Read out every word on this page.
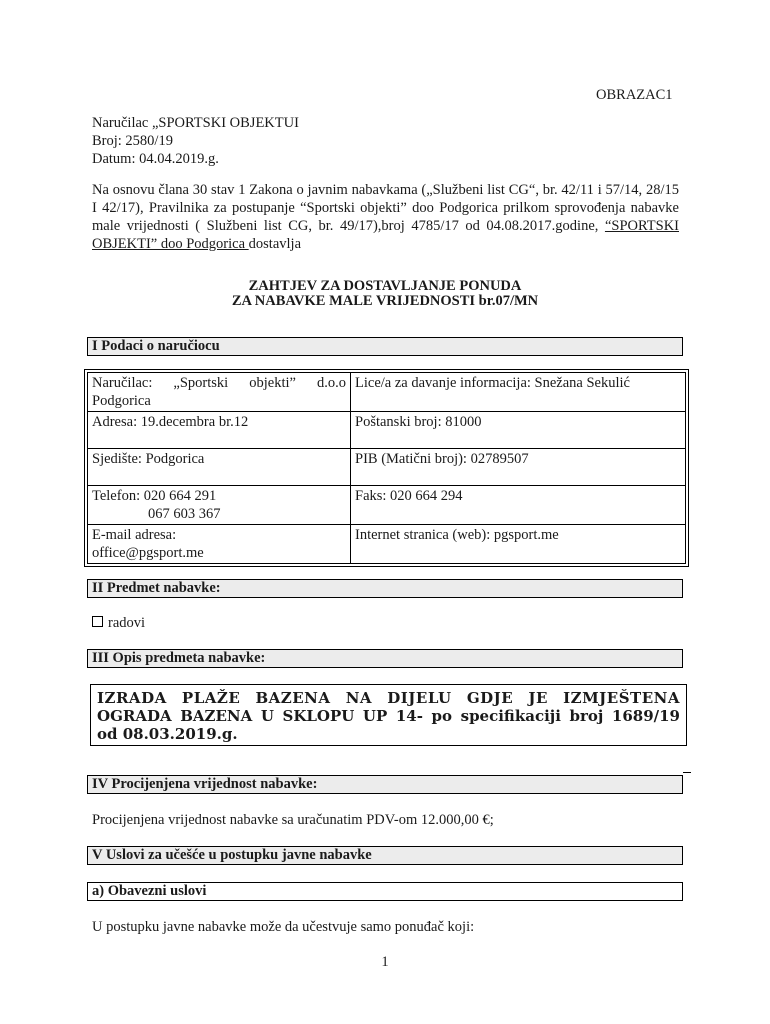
OBRAZAC1
Naručilac „SPORTSKI OBJEKTUI
Broj: 2580/19
Datum: 04.04.2019.g.
Na osnovu člana 30 stav 1 Zakona o javnim nabavkama („Službeni list CG“, br. 42/11 i 57/14, 28/15 I 42/17), Pravilnika za postupanje “Sportski objekti” doo Podgorica prilkom sprovođenja nabavke male vrijednosti ( Službeni list CG, br. 49/17),broj 4785/17 od 04.08.2017.godine, “SPORTSKI OBJEKTI” doo Podgorica dostavlja
ZAHTJEV ZA DOSTAVLJANJE PONUDA
ZA NABAVKE MALE VRIJEDNOSTI br.07/MN
I Podaci o naručiocu
Naručilac: „Sportski objekti” d.o.o
Podgorica	Lice/a za davanje informacija: Snežana Sekulić
Adresa: 19.decembra br.12	Poštanski broj: 81000
Sjedište: Podgorica	PIB (Matični broj): 02789507

Telefon: 020 664 291
067 603 367	Faks: 020 664 294

E-mail adresa:
office@pgsport.me	Internet stranica (web): pgsport.me
II Predmet nabavke:
radovi
III Opis predmeta nabavke:
IZRADA PLAŽE BAZENA NA DIJELU GDJE JE IZMJEŠTENA
OGRADA BAZENA U SKLOPU UP 14- po specifikaciji broj 1689/19
od 08.03.2019.g.
IV Procijenjena vrijednost nabavke:
Procijenjena vrijednost nabavke sa uračunatim PDV-om 12.000,00 €;
V Uslovi za učešće u postupku javne nabavke
a) Obavezni uslovi
U postupku javne nabavke može da učestvuje samo ponuđač koji:
1
